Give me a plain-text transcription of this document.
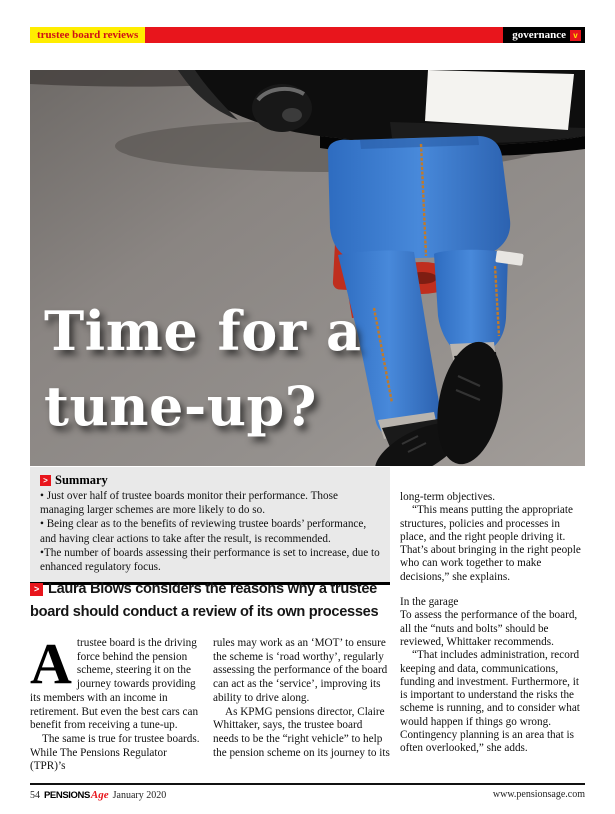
trustee board reviews	governance v
Time for a
tune-up?
> Summary
• Just over half of trustee boards monitor their performance. Those managing larger schemes are more likely to do so.
• Being clear as to the benefits of reviewing trustee boards’ performance, and having clear actions to take after the result, is recommended.
•The number of boards assessing their performance is set to increase, due to enhanced regulatory focus.
> Laura Blows considers the reasons why a trustee board should conduct a review of its own processes

Atrustee board is the driving force behind the pension scheme, steering it on the journey towards providing its members with an income in retirement. But even the best cars can benefit from receiving a tune-up.

The same is true for trustee boards. While The Pensions Regulator (TPR)’s

rules may work as an ‘MOT’ to ensure the scheme is ‘road worthy’, regularly assessing the performance of the board can act as the ‘service’, improving its ability to drive along.

As KPMG pensions director, Claire Whittaker, says, the trustee board needs to be the “right vehicle” to help the pension scheme on its journey to its

long-term objectives.

“This means putting the appropriate structures, policies and processes in place, and the right people driving it. That’s about bringing in the right people who can work together to make decisions,” she explains.

In the garage

To assess the performance of the board, all the “nuts and bolts” should be reviewed, Whittaker recommends.

“That includes administration, record keeping and data, communications, funding and investment. Furthermore, it is important to understand the risks the scheme is running, and to consider what would happen if things go wrong. Contingency planning is an area that is often overlooked,” she adds.

54 PENSIONS Age January 2020	www.pensionsage.com
